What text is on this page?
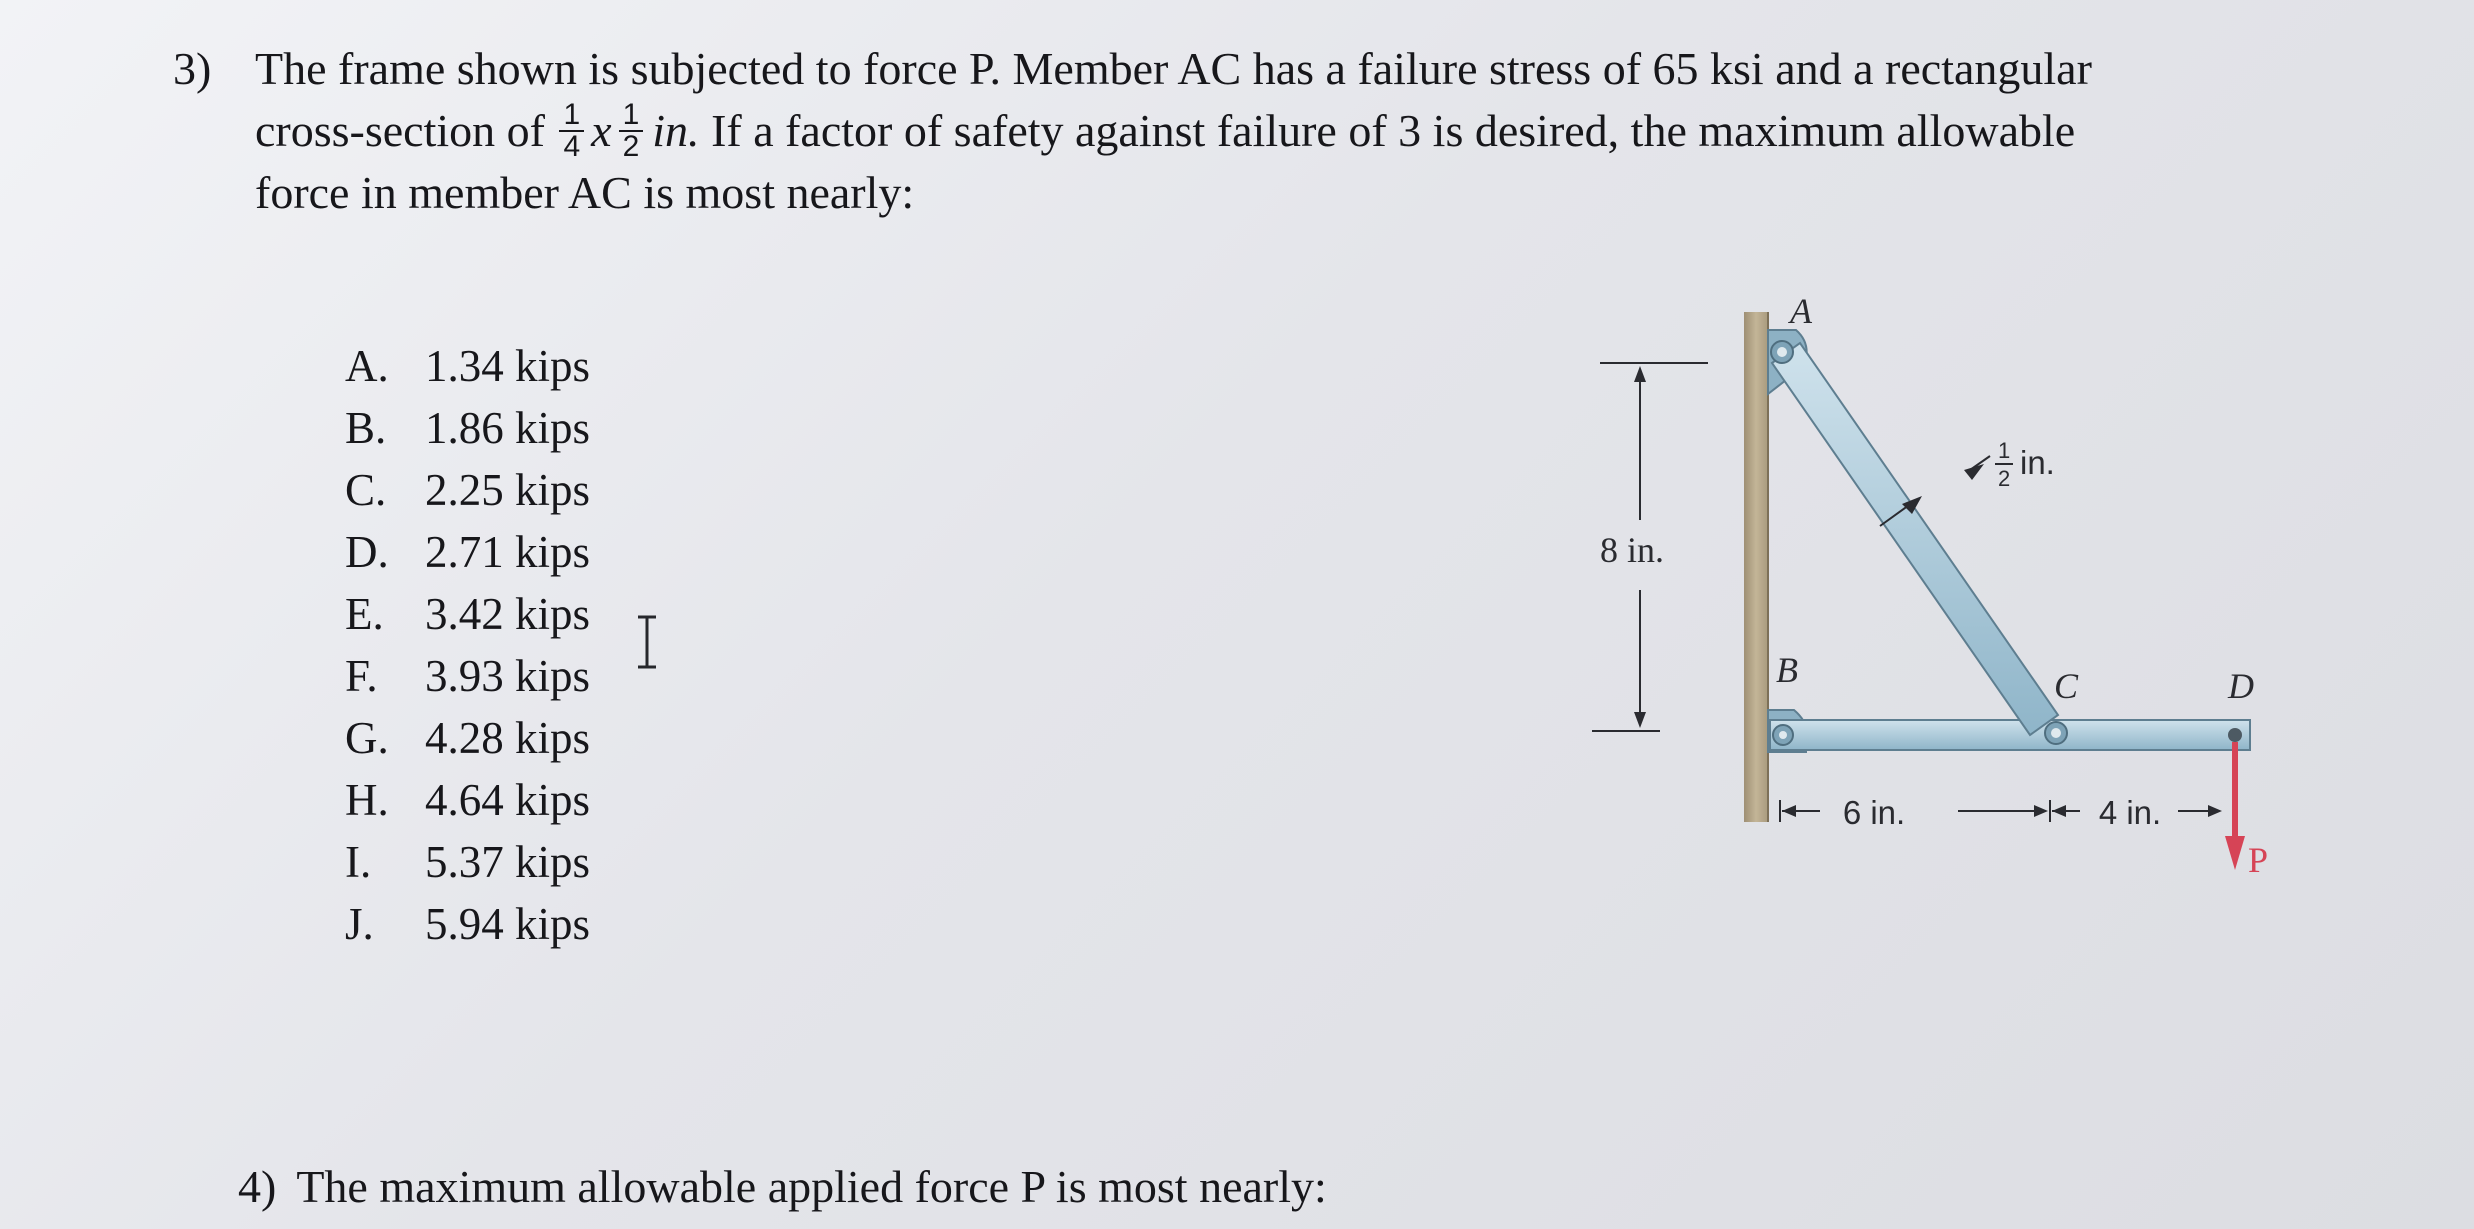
3) The frame shown is subjected to force P. Member AC has a failure stress of 65 ksi and a rectangular
cross-section of $\frac{1}{4}$ x $\frac{1}{2}$ in. If a factor of safety against failure of 3 is desired, the maximum allowable
force in member AC is most nearly:
A. 1.34 kips
B. 1.86 kips
C. 2.25 kips
D. 2.71 kips
E. 3.42 kips
F. 3.93 kips
G. 4.28 kips
H. 4.64 kips
I. 5.37 kips
J. 5.94 kips
8 in.
A
B	C	D
P
1
2 in.
6 in.	4 in.
4) The maximum allowable applied force P is most nearly:
